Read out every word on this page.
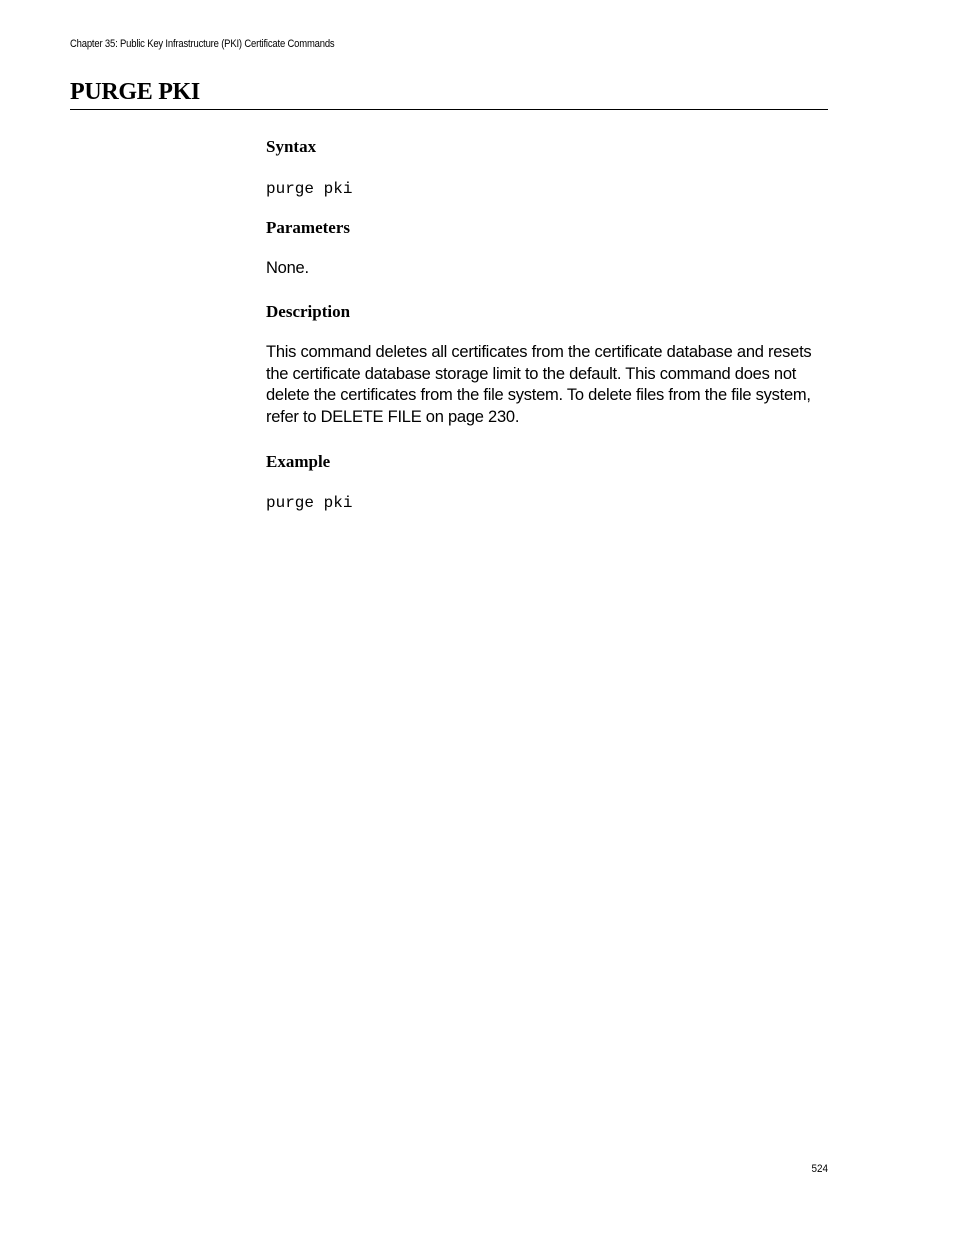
Chapter 35: Public Key Infrastructure (PKI) Certificate Commands
PURGE PKI
Syntax
purge pki
Parameters

None.

Description

This command deletes all certificates from the certificate database and resets the certificate database storage limit to the default. This command does not delete the certificates from the file system. To delete files from the file system, refer to DELETE FILE on page 230.

Example
purge pki
524
